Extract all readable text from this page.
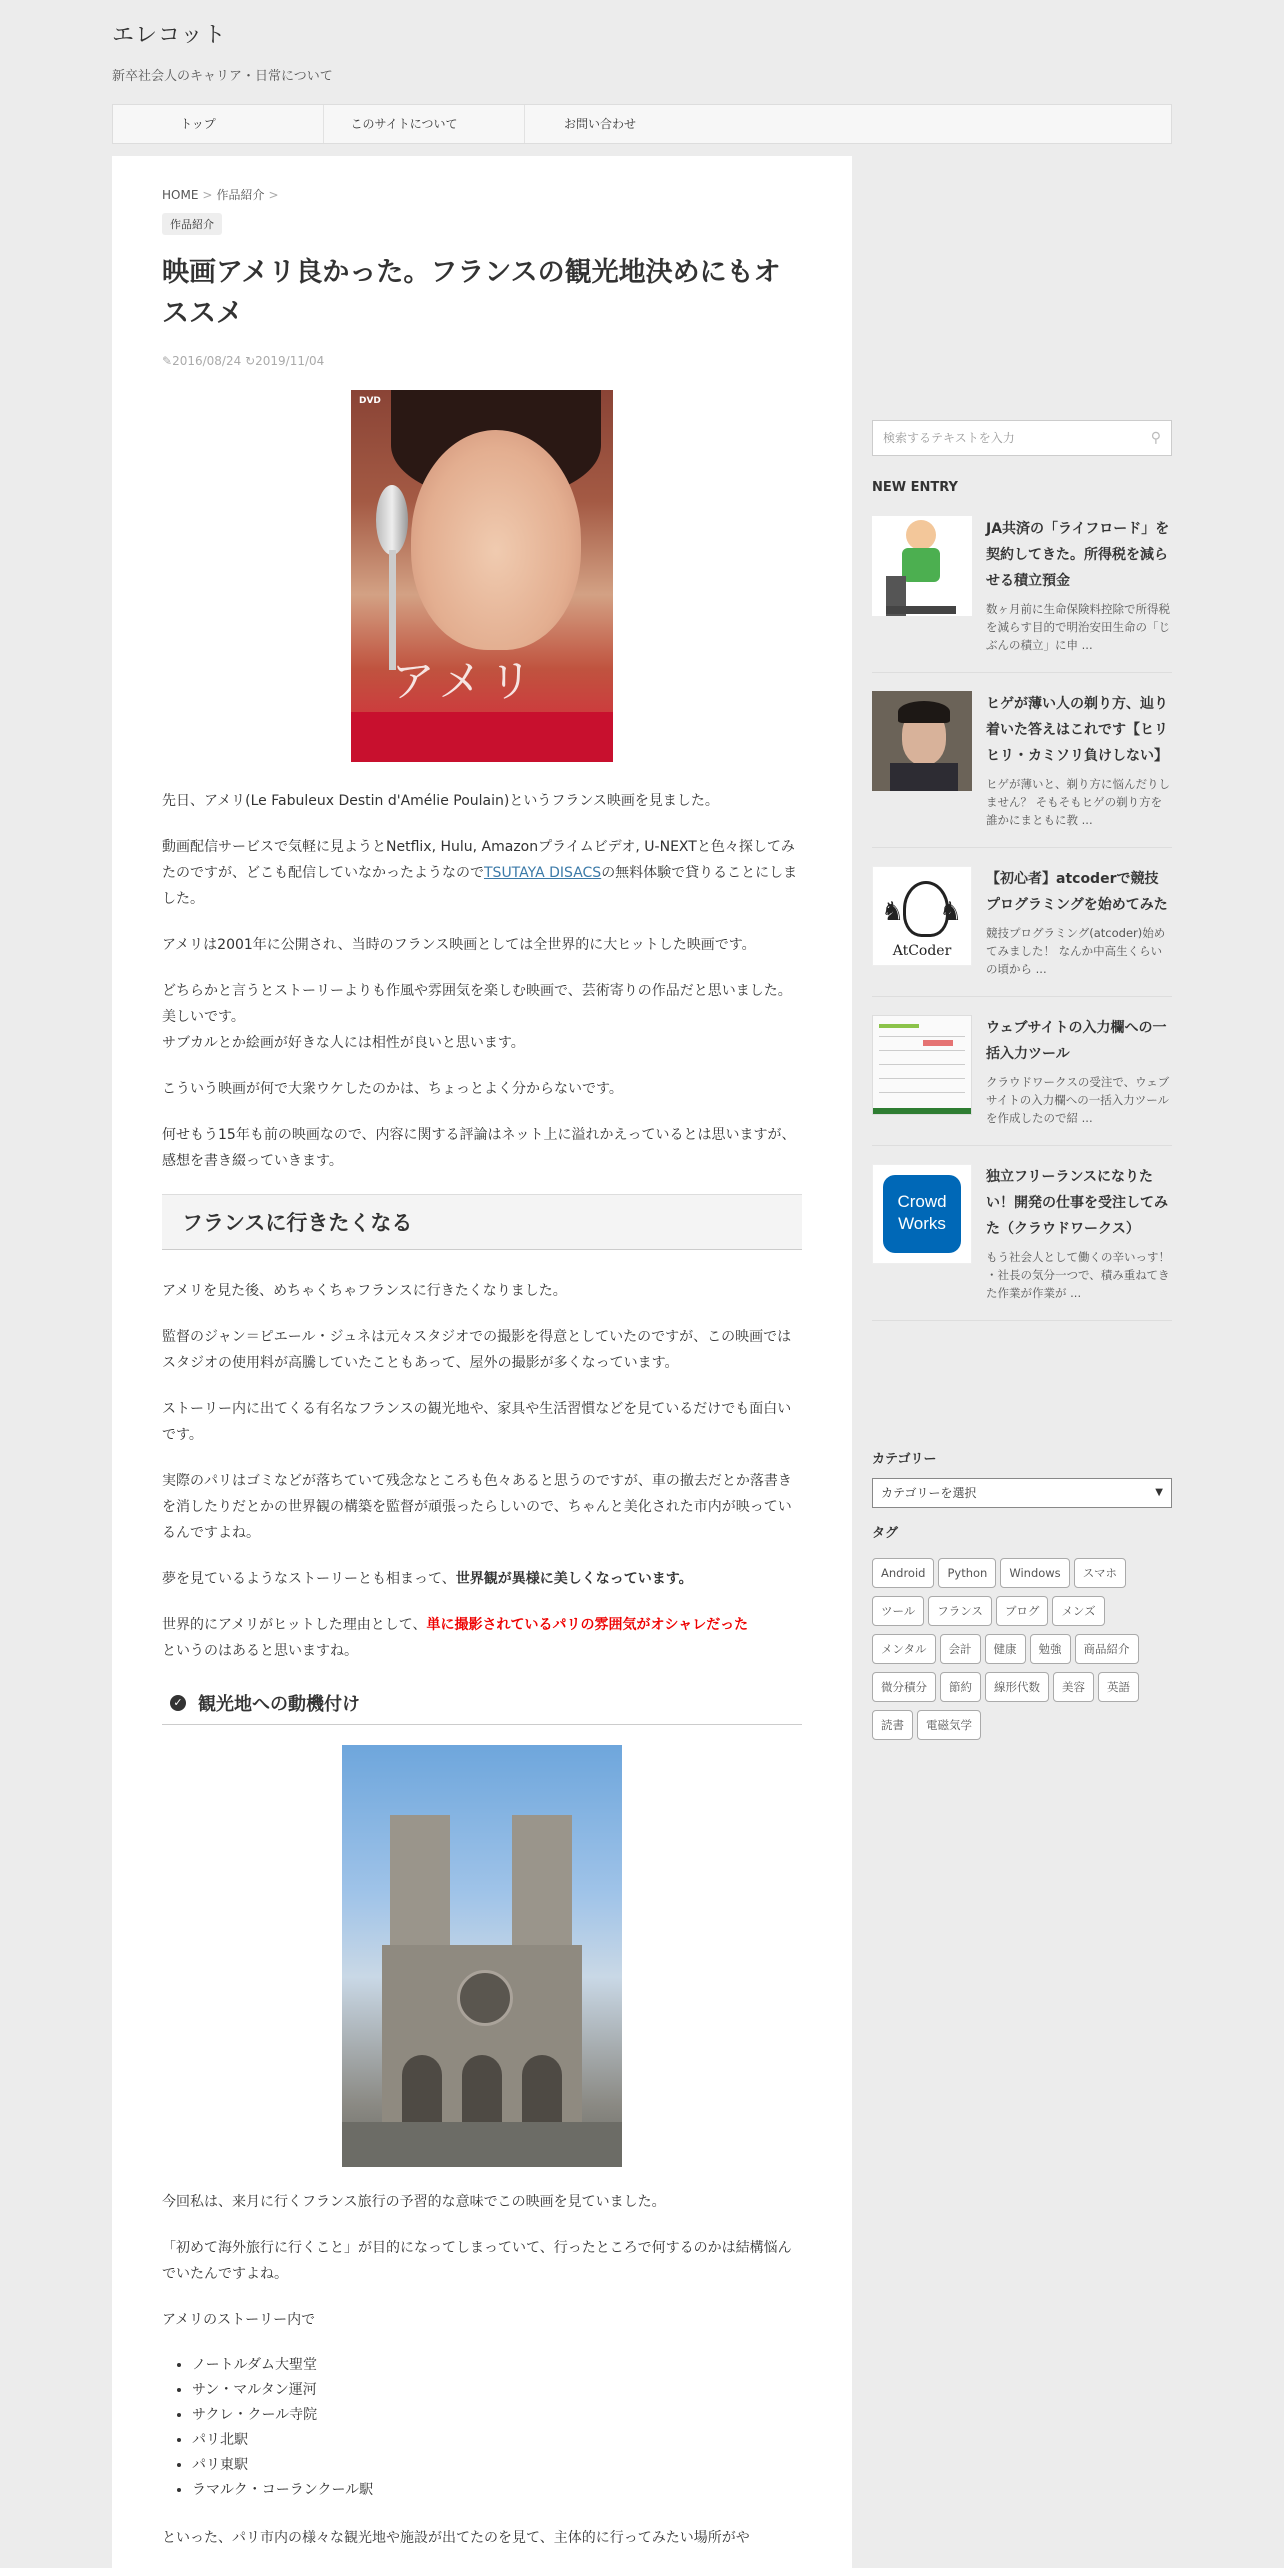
エレコット
新卒社会人のキャリア・日常について
トップ	このサイトについて	お問い合わせ
HOME > 作品紹介 >
作品紹介
映画アメリ良かった。フランスの観光地決めにもオススメ
✎2016/08/24 ↻2019/11/04
DVD
アメリ

先日、アメリ(Le Fabuleux Destin d'Amélie Poulain)というフランス映画を見ました。

動画配信サービスで気軽に見ようとNetflix, Hulu, Amazonプライムビデオ, U-NEXTと色々探してみたのですが、どこも配信していなかったようなのでTSUTAYA DISACSの無料体験で貸りることにしました。

アメリは2001年に公開され、当時のフランス映画としては全世界的に大ヒットした映画です。

どちらかと言うとストーリーよりも作風や雰囲気を楽しむ映画で、芸術寄りの作品だと思いました。美しいです。
サブカルとか絵画が好きな人には相性が良いと思います。

こういう映画が何で大衆ウケしたのかは、ちょっとよく分からないです。

何せもう15年も前の映画なので、内容に関する評論はネット上に溢れかえっているとは思いますが、感想を書き綴っていきます。

フランスに行きたくなる

アメリを見た後、めちゃくちゃフランスに行きたくなりました。

監督のジャン＝ピエール・ジュネは元々スタジオでの撮影を得意としていたのですが、この映画ではスタジオの使用料が高騰していたこともあって、屋外の撮影が多くなっています。

ストーリー内に出てくる有名なフランスの観光地や、家具や生活習慣などを見ているだけでも面白いです。

実際のパリはゴミなどが落ちていて残念なところも色々あると思うのですが、車の撤去だとか落書きを消したりだとかの世界観の構築を監督が頑張ったらしいので、ちゃんと美化された市内が映っているんですよね。

夢を見ているようなストーリーとも相まって、世界観が異様に美しくなっています。

世界的にアメリがヒットした理由として、単に撮影されているパリの雰囲気がオシャレだった
というのはあると思いますね。

✓ 観光地への動機付け

今回私は、来月に行くフランス旅行の予習的な意味でこの映画を見ていました。

「初めて海外旅行に行くこと」が目的になってしまっていて、行ったところで何するのかは結構悩んでいたんですよね。

アメリのストーリー内で

• ノートルダム大聖堂
• サン・マルタン運河
• サクレ・クール寺院
• パリ北駅
• パリ東駅
• ラマルク・コーランクール駅

といった、パリ市内の様々な観光地や施設が出てたのを見て、主体的に行ってみたい場所がや

検索するテキストを入力	⚲
NEW ENTRY
JA共済の「ライフロード」を契約してきた。所得税を減らせる積立預金
数ヶ月前に生命保険料控除で所得税を減らす目的で明治安田生命の「じぶんの積立」に申 ...
ヒゲが薄い人の剃り方、辿り着いた答えはこれです【ヒリヒリ・カミソリ負けしない】
ヒゲが薄いと、剃り方に悩んだりしません？ そもそもヒゲの剃り方を誰かにまともに教 ...
♞ ♞
AtCoder
【初心者】atcoderで競技プログラミングを始めてみた
競技プログラミング(atcoder)始めてみました！ なんか中高生くらいの頃から ...
ウェブサイトの入力欄への一括入力ツール
クラウドワークスの受注で、ウェブサイトの入力欄への一括入力ツールを作成したので紹 ...
Crowd
Works
独立フリーランスになりたい！開発の仕事を受注してみた（クラウドワークス）
もう社会人として働くの辛いっす！ ・社長の気分一つで、積み重ねてきた作業が作業が ...
カテゴリー
カテゴリーを選択	▼
タグ
Android	Python	Windows	スマホ
ツール	フランス	ブログ	メンズ
メンタル	会計	健康	勉強	商品紹介
微分積分	節約	線形代数	美容	英語
読書	電磁気学
